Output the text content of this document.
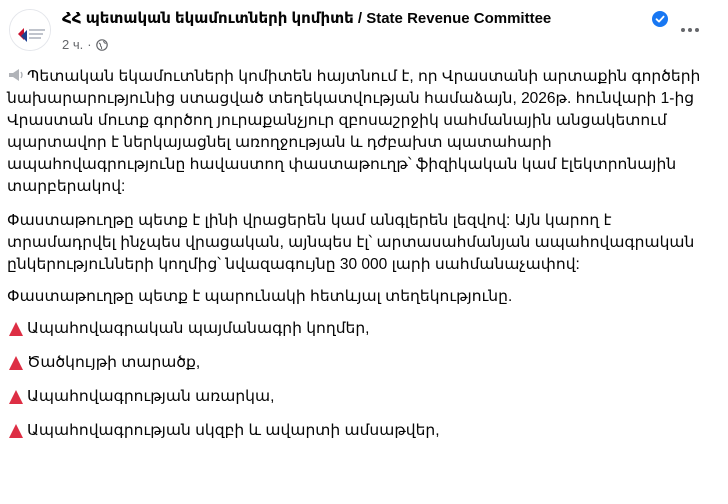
ՀՀ պետական եկամուտների կոմիտե / State Revenue Committee
2 ч. ·

Պետական եկամուտների կոմիտեն հայտնում է, որ Վրաստանի արտաքին գործերի նախարարությունից ստացված տեղեկատվության համաձայն, 2026թ. հունվարի 1-ից Վրաստան մուտք գործող յուրաքանչյուր զբոսաշրջիկ սահմանային անցակետում պարտավոր է ներկայացնել առողջության և դժբախտ պատահարի ապահովագրությունը հավաստող փաստաթուղթ՝ ֆիզիկական կամ էլեկտրոնային տարբերակով:

Փաստաթուղթը պետք է լինի վրացերեն կամ անգլերեն լեզվով: Այն կարող է տրամադրվել ինչպես վրացական, այնպես էլ՝ արտասահմանյան ապահովագրական ընկերությունների կողմից՝ նվազագույնը 30 000 լարի սահմանաչափով:

Փաստաթուղթը պետք է պարունակի հետևյալ տեղեկությունը.

Ապահովագրական պայմանագրի կողմեր,
Ծածկույթի տարածք,
Ապահովագրության առարկա,
Ապահովագրության սկզբի և ավարտի ամսաթվեր,
